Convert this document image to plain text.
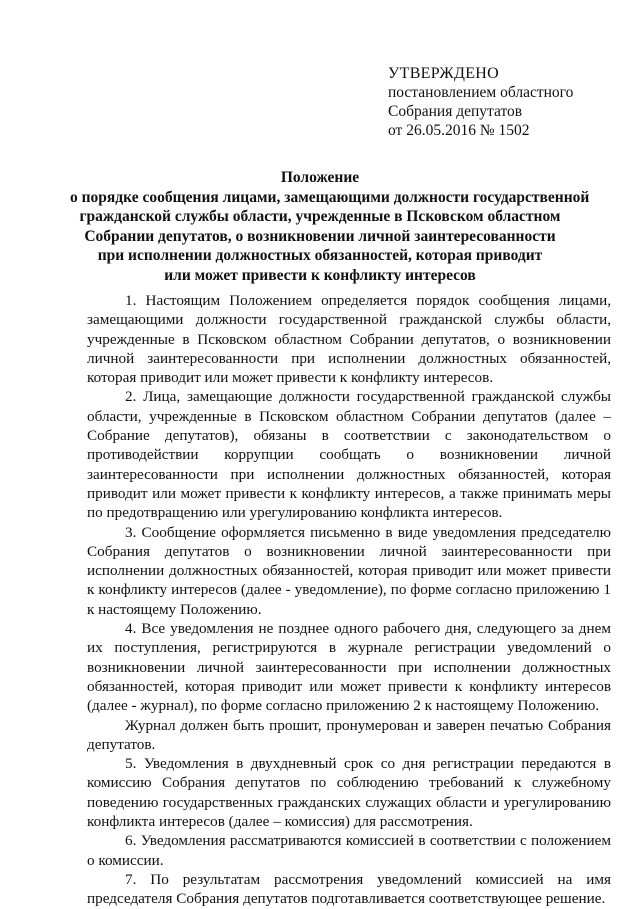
УТВЕРЖДЕНО
постановлением областного
Собрания депутатов
от 26.05.2016 № 1502
Положение
о порядке сообщения лицами, замещающими должности государственной
гражданской службы области, учрежденные в Псковском областном
Собрании депутатов, о возникновении личной заинтересованности
при исполнении должностных обязанностей, которая приводит
или может привести к конфликту интересов

1. Настоящим Положением определяется порядок сообщения лицами, замещающими должности государственной гражданской службы области, учрежденные в Псковском областном Собрании депутатов, о возникновении личной заинтересованности при исполнении должностных обязанностей, которая приводит или может привести к конфликту интересов.

2. Лица, замещающие должности государственной гражданской службы области, учрежденные в Псковском областном Собрании депутатов (далее – Собрание депутатов), обязаны в соответствии с законодательством о противодействии коррупции сообщать о возникновении личной заинтересованности при исполнении должностных обязанностей, которая приводит или может привести к конфликту интересов, а также принимать меры по предотвращению или урегулированию конфликта интересов.

3. Сообщение оформляется письменно в виде уведомления председателю Собрания депутатов о возникновении личной заинтересованности при исполнении должностных обязанностей, которая приводит или может привести к конфликту интересов (далее - уведомление), по форме согласно приложению 1 к настоящему Положению.

4. Все уведомления не позднее одного рабочего дня, следующего за днем их поступления, регистрируются в журнале регистрации уведомлений о возникновении личной заинтересованности при исполнении должностных обязанностей, которая приводит или может привести к конфликту интересов (далее - журнал), по форме согласно приложению 2 к настоящему Положению.

Журнал должен быть прошит, пронумерован и заверен печатью Собрания депутатов.

5. Уведомления в двухдневный срок со дня регистрации передаются в комиссию Собрания депутатов по соблюдению требований к служебному поведению государственных гражданских служащих области и урегулированию конфликта интересов (далее – комиссия) для рассмотрения.

6. Уведомления рассматриваются комиссией в соответствии с положением о комиссии.

7. По результатам рассмотрения уведомлений комиссией на имя председателя Собрания депутатов подготавливается соответствующее решение.
